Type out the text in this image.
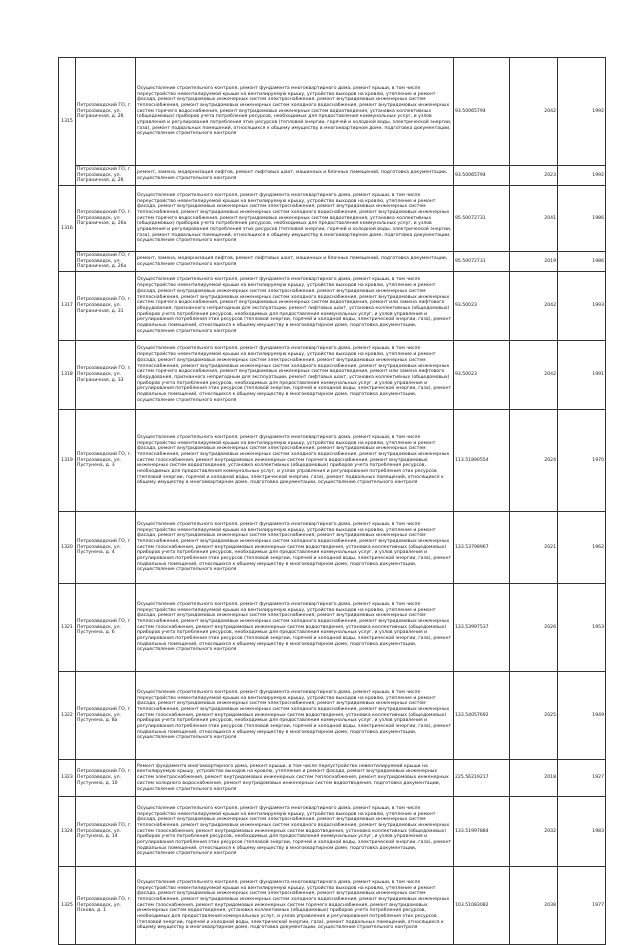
1315	Петрозаводский ГО, г. Петрозаводск, ул. Пограничная, д. 26	Осуществление строительного контроля, ремонт фундамента многоквартирного дома, ремонт крыши, в том числе переустройство невентилируемой крыши на вентилируемую крышу, устройство выходов на кровлю, утепление и ремонт фасада, ремонт внутридомовых инженерных систем электроснабжения, ремонт внутридомовых инженерных систем теплоснабжения, ремонт внутридомовых инженерных систем холодного водоснабжения, ремонт внутридомовых инженерных систем горячего водоснабжения, ремонт внутридомовых инженерных систем водоотведения, установка коллективных (общедомовых) приборов учета потребления ресурсов, необходимых для предоставления коммунальных услуг, и узлов управления и регулирования потребления этих ресурсов (тепловой энергии, горячей и холодной воды, электрической энергии, газа), ремонт подвальных помещений, относящихся к общему имуществу в многоквартирном доме, подготовка документации, осуществление строительного контроля	93.50065794	2042	1992
	Петрозаводский ГО, г. Петрозаводск, ул. Пограничная, д. 26	ремонт, замена, модернизация лифтов, ремонт лифтовых шахт, машинных и блочных помещений, подготовка документации, осуществление строительного контроля	93.50065794	2023	1992
1316	Петрозаводский ГО, г. Петрозаводск, ул. Пограничная, д. 26а	Осуществление строительного контроля, ремонт фундамента многоквартирного дома, ремонт крыши, в том числе переустройство невентилируемой крыши на вентилируемую крышу, устройство выходов на кровлю, утепление и ремонт фасада, ремонт внутридомовых инженерных систем электроснабжения, ремонт внутридомовых инженерных систем теплоснабжения, ремонт внутридомовых инженерных систем холодного водоснабжения, ремонт внутридомовых инженерных систем горячего водоснабжения, ремонт внутридомовых инженерных систем водоотведения, установка коллективных (общедомовых) приборов учета потребления ресурсов, необходимых для предоставления коммунальных услуг, и узлов управления и регулирования потребления этих ресурсов (тепловой энергии, горячей и холодной воды, электрической энергии, газа), ремонт подвальных помещений, относящихся к общему имуществу в многоквартирном доме, подготовка документации, осуществление строительного контроля	95.50072731	2041	1986
	Петрозаводский ГО, г. Петрозаводск, ул. Пограничная, д. 26а	ремонт, замена, модернизация лифтов, ремонт лифтовых шахт, машинных и блочных помещений, подготовка документации, осуществление строительного контроля	95.50072731	2019	1986
1317	Петрозаводский ГО, г. Петрозаводск, ул. Пограничная, д. 31	Осуществление строительного контроля, ремонт фундамента многоквартирного дома, ремонт крыши, в том числе переустройство невентилируемой крыши на вентилируемую крышу, устройство выходов на кровлю, утепление и ремонт фасада, ремонт внутридомовых инженерных систем электроснабжения, ремонт внутридомовых инженерных систем теплоснабжения, ремонт внутридомовых инженерных систем холодного водоснабжения, ремонт внутридомовых инженерных систем горячего водоснабжения, ремонт внутридомовых инженерных систем водоотведения, ремонт или замена лифтового оборудования, признанного непригодным для эксплуатации, ремонт лифтовых шахт, установка коллективных (общедомовых) приборов учета потребления ресурсов, необходимых для предоставления коммунальных услуг, и узлов управления и регулирования потребления этих ресурсов (тепловой энергии, горячей и холодной воды, электрической энергии, газа), ремонт подвальных помещений, относящихся к общему имуществу в многоквартирном доме, подготовка документации, осуществление строительного контроля	93.50023	2042	1993
1318	Петрозаводский ГО, г. Петрозаводск, ул. Пограничная, д. 33	Осуществление строительного контроля, ремонт фундамента многоквартирного дома, ремонт крыши, в том числе переустройство невентилируемой крыши на вентилируемую крышу, устройство выходов на кровлю, утепление и ремонт фасада, ремонт внутридомовых инженерных систем электроснабжения, ремонт внутридомовых инженерных систем теплоснабжения, ремонт внутридомовых инженерных систем холодного водоснабжения, ремонт внутридомовых инженерных систем горячего водоснабжения, ремонт внутридомовых инженерных систем водоотведения, ремонт или замена лифтового оборудования, признанного непригодным для эксплуатации, ремонт лифтовых шахт, установка коллективных (общедомовых) приборов учета потребления ресурсов, необходимых для предоставления коммунальных услуг, и узлов управления и регулирования потребления этих ресурсов (тепловой энергии, горячей и холодной воды, электрической энергии, газа), ремонт подвальных помещений, относящихся к общему имуществу в многоквартирном доме, подготовка документации, осуществление строительного контроля	93.50023	2042	1991
1319	Петрозаводский ГО, г. Петрозаводск, ул. Пустунена, д. 3	Осуществление строительного контроля, ремонт фундамента многоквартирного дома, ремонт крыши, в том числе переустройство невентилируемой крыши на вентилируемую крышу, устройство выходов на кровлю, утепление и ремонт фасада, ремонт внутридомовых инженерных систем электроснабжения, ремонт внутридомовых инженерных систем теплоснабжения, ремонт внутридомовых инженерных систем холодного водоснабжения, ремонт внутридомовых инженерных систем газоснабжения, ремонт внутридомовых инженерных систем горячего водоснабжения, ремонт внутридомовых инженерных систем водоотведения, установка коллективных (общедомовых) приборов учета потребления ресурсов, необходимых для предоставления коммунальных услуг, и узлов управления и регулирования потребления этих ресурсов (тепловой энергии, горячей и холодной воды, электрической энергии, газа), ремонт подвальных помещений, относящихся к общему имуществу в многоквартирном доме, подготовка документации, осуществление строительного контроля	113.51890554	2024	1970
1320	Петрозаводский ГО, г. Петрозаводск, ул. Пустунена, д. 4	Осуществление строительного контроля, ремонт фундамента многоквартирного дома, ремонт крыши, в том числе переустройство невентилируемой крыши на вентилируемую крышу, устройство выходов на кровлю, утепление и ремонт фасада, ремонт внутридомовых инженерных систем электроснабжения, ремонт внутридомовых инженерных систем теплоснабжения, ремонт внутридомовых инженерных систем холодного водоснабжения, ремонт внутридомовых инженерных систем газоснабжения, ремонт внутридомовых инженерных систем водоотведения, установка коллективных (общедомовых) приборов учета потребления ресурсов, необходимых для предоставления коммунальных услуг, и узлов управления и регулирования потребления этих ресурсов (тепловой энергии, горячей и холодной воды, электрической энергии, газа), ремонт подвальных помещений, относящихся к общему имуществу в многоквартирном доме, подготовка документации, осуществление строительного контроля	133.53798967	2021	1962
1321	Петрозаводский ГО, г. Петрозаводск, ул. Пустунена, д. 6	Осуществление строительного контроля, ремонт фундамента многоквартирного дома, ремонт крыши, в том числе переустройство невентилируемой крыши на вентилируемую крышу, устройство выходов на кровлю, утепление и ремонт фасада, ремонт внутридомовых инженерных систем электроснабжения, ремонт внутридомовых инженерных систем теплоснабжения, ремонт внутридомовых инженерных систем холодного водоснабжения, ремонт внутридомовых инженерных систем газоснабжения, ремонт внутридомовых инженерных систем водоотведения, установка коллективных (общедомовых) приборов учета потребления ресурсов, необходимых для предоставления коммунальных услуг, и узлов управления и регулирования потребления этих ресурсов (тепловой энергии, горячей и холодной воды, электрической энергии, газа), ремонт подвальных помещений, относящихся к общему имуществу в многоквартирном доме, подготовка документации, осуществление строительного контроля	133.53997537	2026	1953
1322	Петрозаводский ГО, г. Петрозаводск, ул. Пустунена, д. 8а	Осуществление строительного контроля, ремонт фундамента многоквартирного дома, ремонт крыши, в том числе переустройство невентилируемой крыши на вентилируемую крышу, устройство выходов на кровлю, утепление и ремонт фасада, ремонт внутридомовых инженерных систем электроснабжения, ремонт внутридомовых инженерных систем теплоснабжения, ремонт внутридомовых инженерных систем холодного водоснабжения, ремонт внутридомовых инженерных систем газоснабжения, ремонт внутридомовых инженерных систем водоотведения, установка коллективных (общедомовых) приборов учета потребления ресурсов, необходимых для предоставления коммунальных услуг, и узлов управления и регулирования потребления этих ресурсов (тепловой энергии, горячей и холодной воды, электрической энергии, газа), ремонт подвальных помещений, относящихся к общему имуществу в многоквартирном доме, подготовка документации, осуществление строительного контроля	133.54057692	2025	1949
1323	Петрозаводский ГО, г. Петрозаводск, ул. Пустунена, д. 10	Ремонт фундамента многоквартирного дома, ремонт крыши, в том числе переустройство невентилируемой крыши на вентилируемую крышу, устройство выходов на кровлю, утепление и ремонт фасада, ремонт внутридомовых инженерных систем электроснабжения, ремонт внутридомовых инженерных систем теплоснабжения, ремонт внутридомовых инженерных систем холодного водоснабжения, ремонт внутридомовых инженерных систем водоотведения, подготовка документации, осуществление строительного контроля	225.56219217	2018	1927
1324	Петрозаводский ГО, г. Петрозаводск, ул. Пустунена, д. 14	Осуществление строительного контроля, ремонт фундамента многоквартирного дома, ремонт крыши, в том числе переустройство невентилируемой крыши на вентилируемую крышу, устройство выходов на кровлю, утепление и ремонт фасада, ремонт внутридомовых инженерных систем электроснабжения, ремонт внутридомовых инженерных систем теплоснабжения, ремонт внутридомовых инженерных систем холодного водоснабжения, ремонт внутридомовых инженерных систем газоснабжения, ремонт внутридомовых инженерных систем водоотведения, установка коллективных (общедомовых) приборов учета потребления ресурсов, необходимых для предоставления коммунальных услуг, и узлов управления и регулирования потребления этих ресурсов (тепловой энергии, горячей и холодной воды, электрической энергии, газа), ремонт подвальных помещений, относящихся к общему имуществу в многоквартирном доме, подготовка документации, осуществление строительного контроля	133.51997884	2032	1983
1325	Петрозаводский ГО, г. Петрозаводск, ул. Пскова, д. 1	Осуществление строительного контроля, ремонт фундамента многоквартирного дома, ремонт крыши, в том числе переустройство невентилируемой крыши на вентилируемую крышу, устройство выходов на кровлю, утепление и ремонт фасада, ремонт внутридомовых инженерных систем электроснабжения, ремонт внутридомовых инженерных систем теплоснабжения, ремонт внутридомовых инженерных систем холодного водоснабжения, ремонт внутридомовых инженерных систем газоснабжения, ремонт внутридомовых инженерных систем горячего водоснабжения, ремонт внутридомовых инженерных систем водоотведения, установка коллективных (общедомовых) приборов учета потребления ресурсов, необходимых для предоставления коммунальных услуг, и узлов управления и регулирования потребления этих ресурсов (тепловой энергии, горячей и холодной воды, электрической энергии, газа), ремонт подвальных помещений, относящихся к общему имуществу в многоквартирном доме, подготовка документации, осуществление строительного контроля	103.51083082	2038	1977
